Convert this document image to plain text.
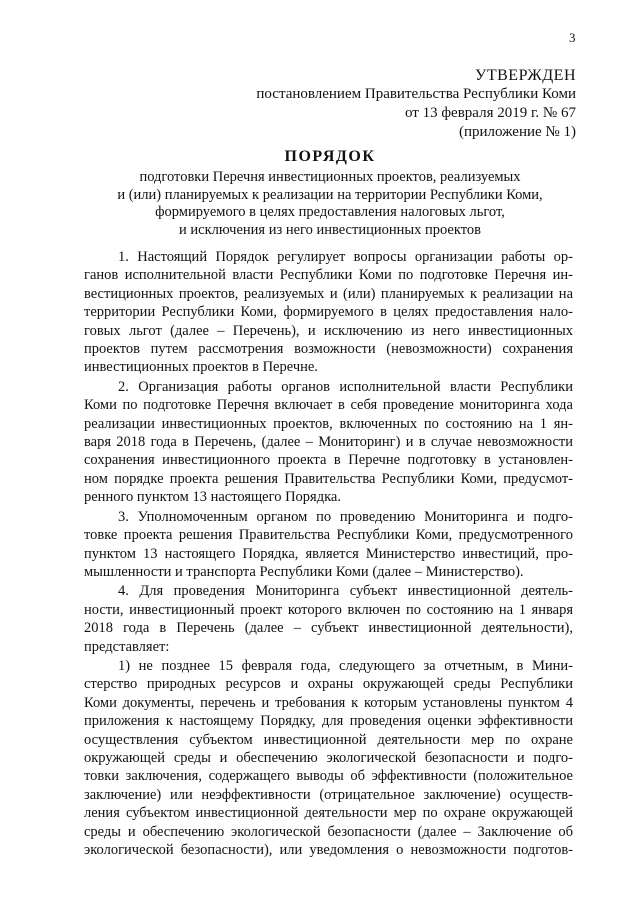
3
УТВЕРЖДЕН
постановлением Правительства Республики Коми
от 13 февраля 2019 г. № 67
(приложение № 1)
ПОРЯДОК
подготовки Перечня инвестиционных проектов, реализуемых
и (или) планируемых к реализации на территории Республики Коми,
формируемого в целях предоставления налоговых льгот,
и исключения из него инвестиционных проектов
1. Настоящий Порядок регулирует вопросы организации работы ор-
ганов исполнительной власти Республики Коми по подготовке Перечня ин-
вестиционных проектов, реализуемых и (или) планируемых к реализации на
территории Республики Коми, формируемого в целях предоставления нало-
говых льгот (далее – Перечень), и исключению из него инвестиционных
проектов путем рассмотрения возможности (невозможности) сохранения
инвестиционных проектов в Перечне.
2. Организация работы органов исполнительной власти Республики
Коми по подготовке Перечня включает в себя проведение мониторинга хода
реализации инвестиционных проектов, включенных по состоянию на 1 ян-
варя 2018 года в Перечень, (далее – Мониторинг) и в случае невозможности
сохранения инвестиционного проекта в Перечне подготовку в установлен-
ном порядке проекта решения Правительства Республики Коми, предусмот-
ренного пунктом 13 настоящего Порядка.
3. Уполномоченным органом по проведению Мониторинга и подго-
товке проекта решения Правительства Республики Коми, предусмотренного
пунктом 13 настоящего Порядка, является Министерство инвестиций, про-
мышленности и транспорта Республики Коми (далее – Министерство).
4. Для проведения Мониторинга субъект инвестиционной деятель-
ности, инвестиционный проект которого включен по состоянию на 1 января
2018 года в Перечень (далее – субъект инвестиционной деятельности),
представляет:
1) не позднее 15 февраля года, следующего за отчетным, в Мини-
стерство природных ресурсов и охраны окружающей среды Республики
Коми документы, перечень и требования к которым установлены пунктом 4
приложения к настоящему Порядку, для проведения оценки эффективности
осуществления субъектом инвестиционной деятельности мер по охране
окружающей среды и обеспечению экологической безопасности и подго-
товки заключения, содержащего выводы об эффективности (положительное
заключение) или неэффективности (отрицательное заключение) осуществ-
ления субъектом инвестиционной деятельности мер по охране окружающей
среды и обеспечению экологической безопасности (далее – Заключение об
экологической безопасности), или уведомления о невозможности подготов-
